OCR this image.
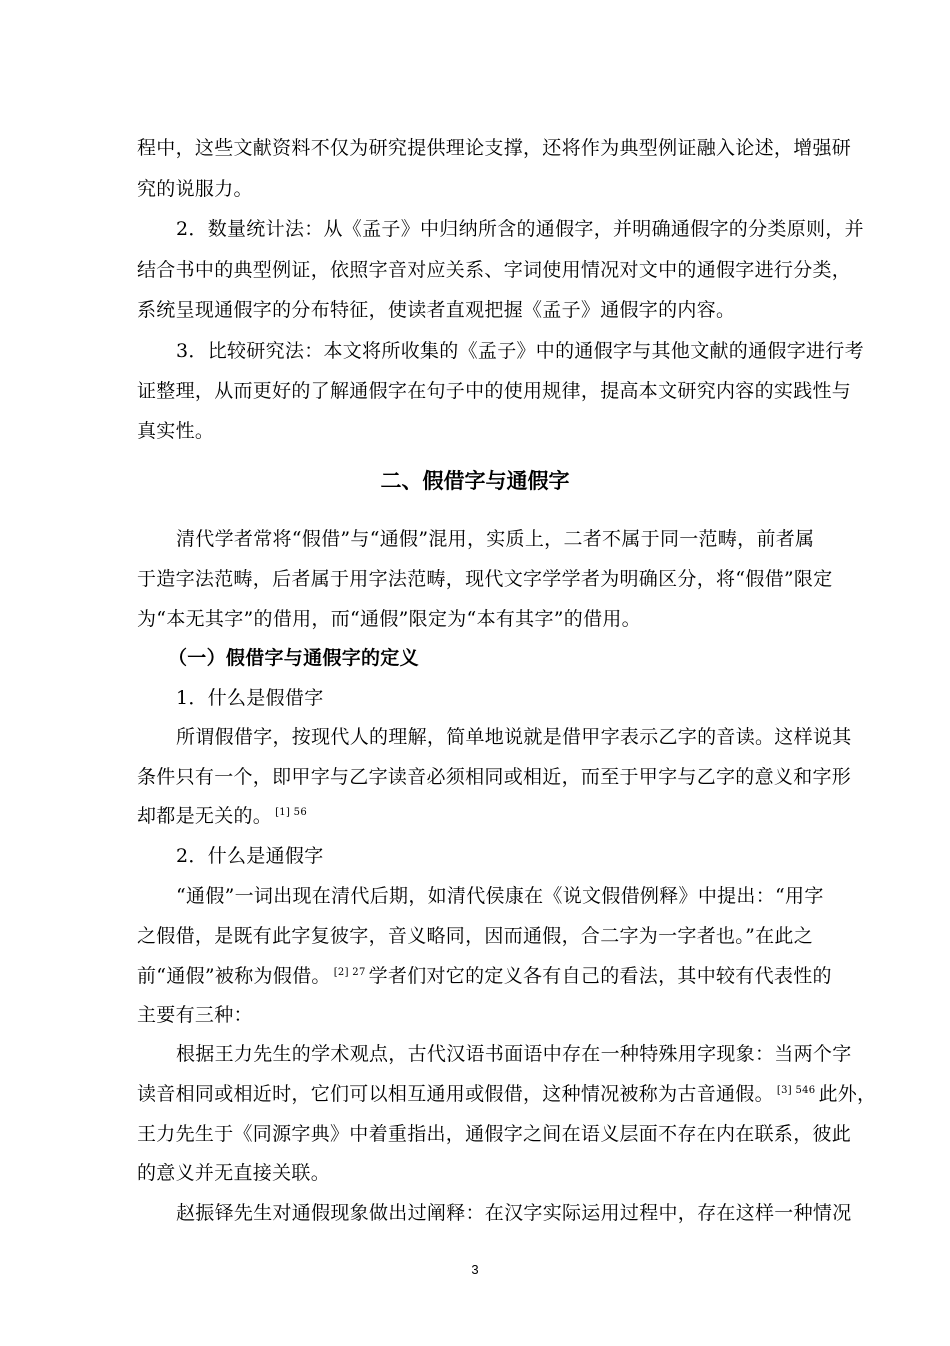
程中，这些文献资料不仅为研究提供理论支撑，还将作为典型例证融入论述，增强研
究的说服力。
2．数量统计法：从《孟子》中归纳所含的通假字，并明确通假字的分类原则，并
结合书中的典型例证，依照字音对应关系、字词使用情况对文中的通假字进行分类，
系统呈现通假字的分布特征，使读者直观把握《孟子》通假字的内容。
3．比较研究法：本文将所收集的《孟子》中的通假字与其他文献的通假字进行考
证整理，从而更好的了解通假字在句子中的使用规律，提高本文研究内容的实践性与
真实性。
二、假借字与通假字
清代学者常将“假借”与“通假”混用，实质上，二者不属于同一范畴，前者属
于造字法范畴，后者属于用字法范畴，现代文字学学者为明确区分，将“假借”限定
为“本无其字”的借用，而“通假”限定为“本有其字”的借用。
（一）假借字与通假字的定义
1．什么是假借字
所谓假借字，按现代人的理解，简单地说就是借甲字表示乙字的音读。这样说其
条件只有一个，即甲字与乙字读音必须相同或相近，而至于甲字与乙字的意义和字形
却都是无关的。 $^{[1] 56}$
2．什么是通假字
“通假”一词出现在清代后期，如清代侯康在《说文假借例释》中提出：“用字
之假借，是既有此字复彼字，音义略同，因而通假，合二字为一字者也。”在此之
前“通假”被称为假借。 $^{[2] 27}$ 学者们对它的定义各有自己的看法，其中较有代表性的
主要有三种：
根据王力先生的学术观点，古代汉语书面语中存在一种特殊用字现象：当两个字
读音相同或相近时，它们可以相互通用或假借，这种情况被称为古音通假。 $^{[3] 546}$ 此外，
王力先生于《同源字典》中着重指出，通假字之间在语义层面不存在内在联系，彼此
的意义并无直接关联。
赵振铎先生对通假现象做出过阐释：在汉字实际运用过程中，存在这样一种情况
3
